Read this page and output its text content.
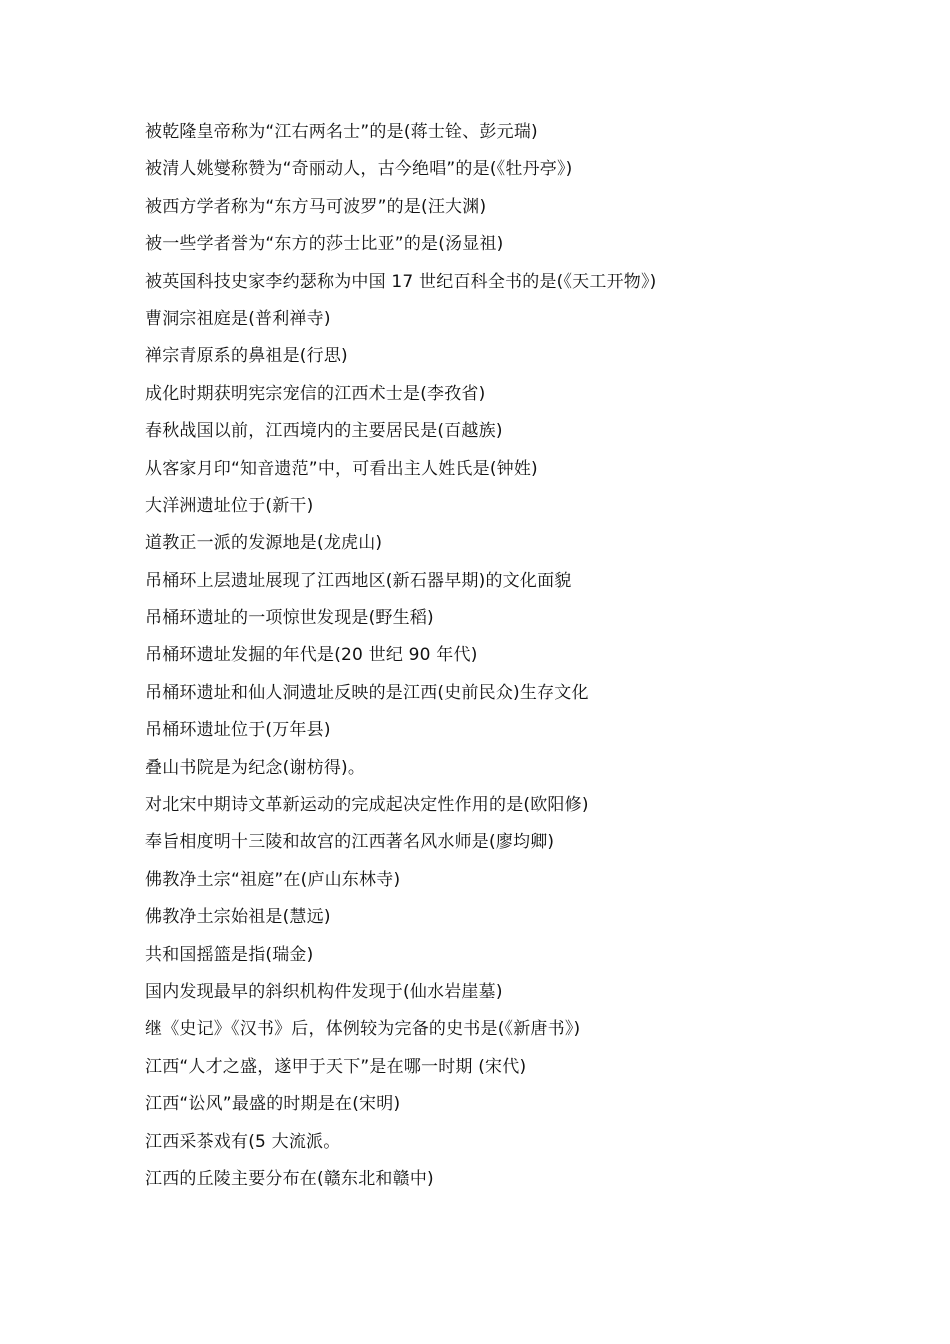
被乾隆皇帝称为“江右两名士”的是(蒋士铨、彭元瑞)
被清人姚燮称赞为“奇丽动人，古今绝唱”的是(《牡丹亭》)
被西方学者称为“东方马可波罗”的是(汪大渊)
被一些学者誉为“东方的莎士比亚”的是(汤显祖)
被英国科技史家李约瑟称为中国 17 世纪百科全书的是(《天工开物》)
曹洞宗祖庭是(普利禅寺)
禅宗青原系的鼻祖是(行思)
成化时期获明宪宗宠信的江西术士是(李孜省)
春秋战国以前，江西境内的主要居民是(百越族)
从客家月印“知音遗范”中，可看出主人姓氏是(钟姓)
大洋洲遗址位于(新干)
道教正一派的发源地是(龙虎山)
吊桶环上层遗址展现了江西地区(新石器早期)的文化面貌
吊桶环遗址的一项惊世发现是(野生稻)
吊桶环遗址发掘的年代是(20 世纪 90 年代)
吊桶环遗址和仙人洞遗址反映的是江西(史前民众)生存文化
吊桶环遗址位于(万年县)
叠山书院是为纪念(谢枋得)。
对北宋中期诗文革新运动的完成起决定性作用的是(欧阳修)
奉旨相度明十三陵和故宫的江西著名风水师是(廖均卿)
佛教净土宗“祖庭”在(庐山东林寺)
佛教净土宗始祖是(慧远)
共和国摇篮是指(瑞金)
国内发现最早的斜织机构件发现于(仙水岩崖墓)
继《史记》《汉书》后，体例较为完备的史书是(《新唐书》)
江西“人才之盛，遂甲于天下”是在哪一时期 (宋代)
江西“讼风”最盛的时期是在(宋明)
江西采茶戏有(5 大流派。
江西的丘陵主要分布在(赣东北和赣中)
